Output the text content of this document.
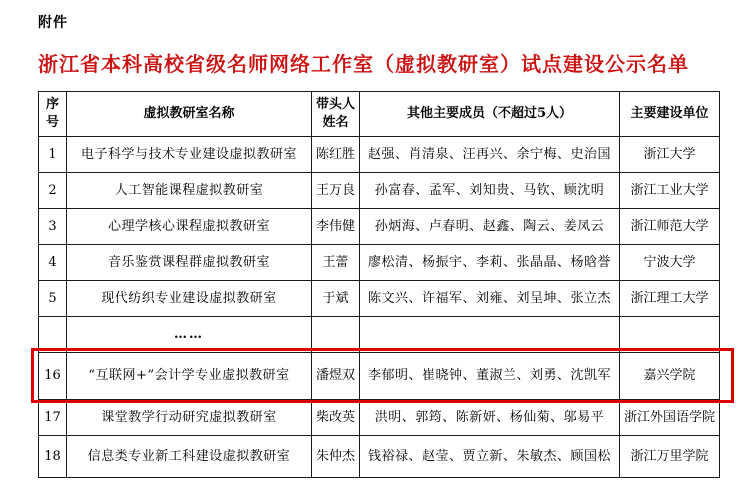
附件
浙江省本科高校省级名师网络工作室（虚拟教研室）试点建设公示名单
序号	虚拟教研室名称	带头人姓名	其他主要成员（不超过5人）	主要建设单位
1	电子科学与技术专业建设虚拟教研室	陈红胜	赵强、肖清泉、汪再兴、余宁梅、史治国	浙江大学
2	人工智能课程虚拟教研室	王万良	孙富春、孟军、刘知贵、马钦、顾沈明	浙江工业大学
3	心理学核心课程虚拟教研室	李伟健	孙炳海、卢春明、赵鑫、陶云、姜凤云	浙江师范大学
4	音乐鉴赏课程群虚拟教研室	王蕾	廖松清、杨振宇、李莉、张晶晶、杨晗誉	宁波大学
5	现代纺织专业建设虚拟教研室	于斌	陈文兴、许福军、刘雍、刘呈坤、张立杰	浙江理工大学
	……			
16	“互联网+”会计学专业虚拟教研室	潘煜双	李郁明、崔晓钟、董淑兰、刘勇、沈凯军	嘉兴学院
17	课堂教学行动研究虚拟教研室	柴改英	洪明、郭筠、陈新妍、杨仙菊、邬易平	浙江外国语学院
18	信息类专业新工科建设虚拟教研室	朱仲杰	钱裕禄、赵莹、贾立新、朱敏杰、顾国松	浙江万里学院
